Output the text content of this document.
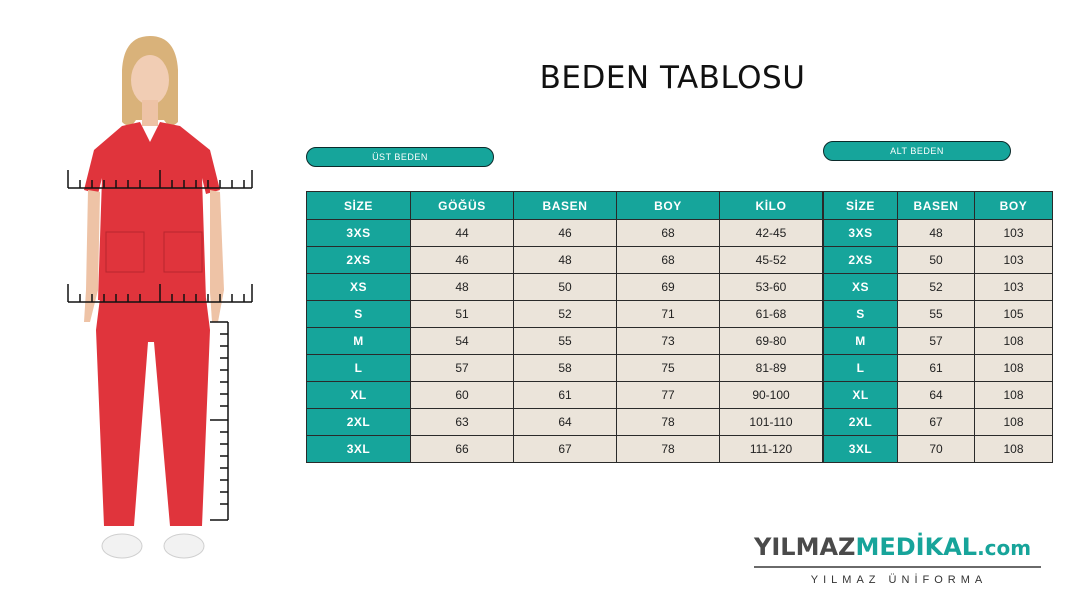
BEDEN TABLOSU
ÜST BEDEN
ALT BEDEN
SİZE	GÖĞÜS	BASEN	BOY	KİLO
3XS	44	46	68	42-45
2XS	46	48	68	45-52
XS	48	50	69	53-60
S	51	52	71	61-68
M	54	55	73	69-80
L	57	58	75	81-89
XL	60	61	77	90-100
2XL	63	64	78	101-110
3XL	66	67	78	111-120
SİZE	BASEN	BOY
3XS	48	103
2XS	50	103
XS	52	103
S	55	105
M	57	108
L	61	108
XL	64	108
2XL	67	108
3XL	70	108
YILMAZMEDİKAL.com
YILMAZ ÜNİFORMA
